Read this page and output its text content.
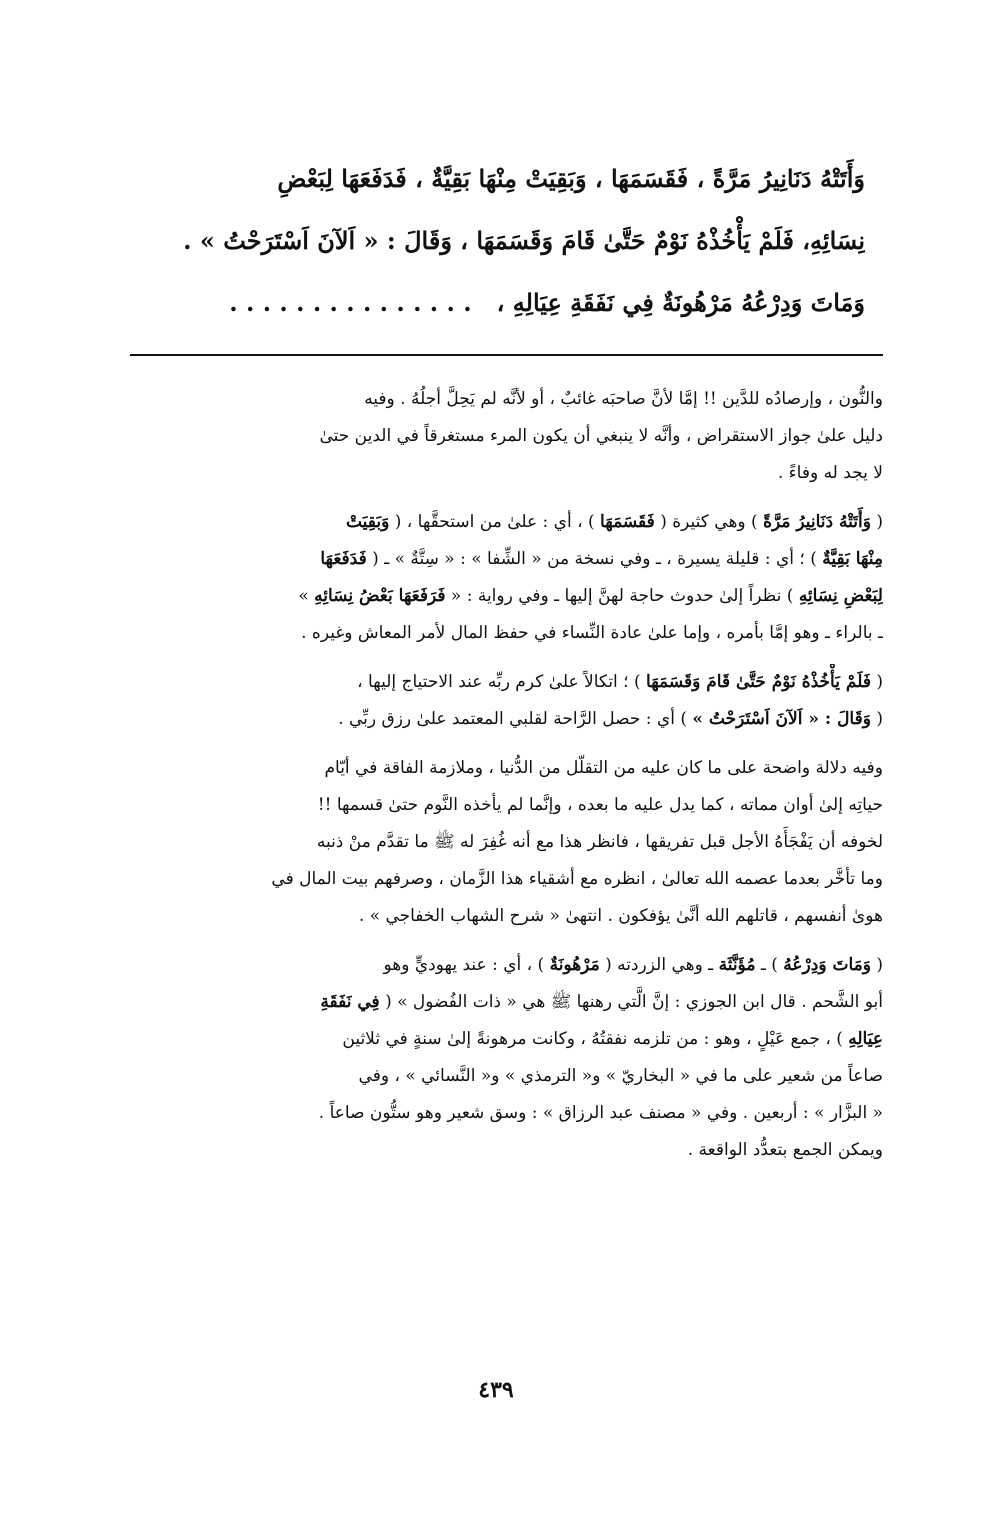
وَأَتَتْهُ دَنَانِيرُ مَرَّةً ، فَقَسَمَهَا ، وَبَقِيَتْ مِنْهَا بَقِيَّةٌ ، فَدَفَعَهَا لِبَعْضِ
نِسَائِهِ، فَلَمْ يَأْخُذْهُ نَوْمٌ حَتَّىٰ قَامَ وَقَسَمَهَا ، وَقَالَ : « اَلآنَ اَسْتَرَحْتُ » .
وَمَاتَ وَدِرْعُهُ مَرْهُونَةٌ فِي نَفَقَةِ عِيَالِهِ ،   . . . . . . . . . . . . . . .

والنُّون ، وإرصادُه للدَّين !! إمَّا لأنَّ صاحبَه غائبٌ ، أو لأنَّه لم يَحِلَّ أجلُهُ . وفيه
دليل علىٰ جواز الاستقراض ، وأنَّه لا ينبغي أن يكون المرء مستغرقاً في الدين حتىٰ
لا يجد له وفاءً .

( وَأَتَتْهُ دَنَانِيرُ مَرَّةً ) وهي كثيرة ( فَقَسَمَهَا ) ، أي : علىٰ من استحقَّها ، ( وَبَقِيَتْ
مِنْهَا بَقِيَّةٌ ) ؛ أي : قليلة يسيرة ، ـ وفي نسخة من « الشِّفا » : « سِتَّةٌ » ـ ( فَدَفَعَهَا
لِبَعْضِ نِسَائِهِ ) نظراً إلىٰ حدوث حاجة لهنَّ إليها ـ وفي رواية : « فَرَفَعَهَا بَعْضُ نِسَائِهِ »
ـ بالراء ـ وهو إمَّا بأمره ، وإما علىٰ عادة النِّساء في حفظ المال لأمر المعاش وغيره .

( فَلَمْ يَأْخُذْهُ نَوْمٌ حَتَّىٰ قَامَ وَقَسَمَهَا ) ؛ اتكالاً علىٰ كرم ربِّه عند الاحتياج إليها ،
( وَقَالَ : « اَلآنَ اَسْتَرَحْتُ » ) أي : حصل الرَّاحة لقلبي المعتمد علىٰ رزق ربِّي .

وفيه دلالة واضحة على ما كان عليه من التقلّل من الدُّنيا ، وملازمة الفاقة في أيّام
حياتِه إلىٰ أوان مماته ، كما يدل عليه ما بعده ، وإنَّما لم يأخذه النَّوم حتىٰ قسمها !!
لخوفه أن يَفْجَأَهُ الأجل قبل تفريقها ، فانظر هذا مع أنه غُفِرَ له ﷺ ما تقدَّم منْ ذنبه
وما تأخَّر بعدما عصمه الله تعالىٰ ، انظره مع أشقياء هذا الزَّمان ، وصرفهم بيت المال في
هوىٰ أنفسهم ، قاتلهم الله أنَّىٰ يؤفكون . انتهىٰ « شرح الشهاب الخفاجي » .

( وَمَاتَ وَدِرْعُهُ ) ـ مُؤَنَّثَة ـ وهي الزردته ( مَرْهُونَةٌ ) ، أي : عند يهوديٍّ وهو
أبو الشَّحم . قال ابن الجوزي : إنَّ الَّتي رهنها ﷺ هي « ذات الفُضول » ( فِي نَفَقَةِ
عِيَالِهِ ) ، جمع عَيْلٍ ، وهو : من تلزمه نفقتُهُ ، وكانت مرهونةً إلىٰ سنةٍ في ثلاثين
صاعاً من شعير على ما في « البخاريّ » و« الترمذي » و« النَّسائي » ، وفي
« البزَّار » : أربعين . وفي « مصنف عبد الرزاق » : وسق شعير وهو ستُّون صاعاً .
ويمكن الجمع بتعدُّد الواقعة .

٤٣٩
